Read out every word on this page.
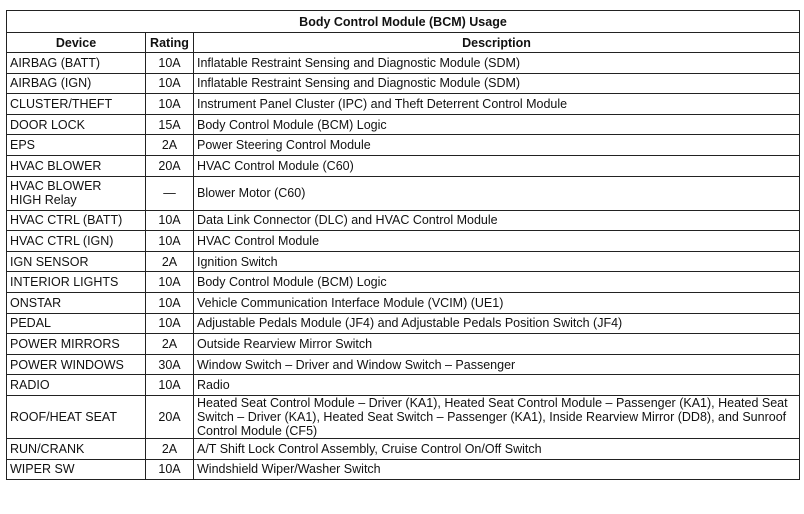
Body Control Module (BCM) Usage		
Device	Rating	Description
AIRBAG (BATT)	10A	Inflatable Restraint Sensing and Diagnostic Module (SDM)
AIRBAG (IGN)	10A	Inflatable Restraint Sensing and Diagnostic Module (SDM)
CLUSTER/THEFT	10A	Instrument Panel Cluster (IPC) and Theft Deterrent Control Module
DOOR LOCK	15A	Body Control Module (BCM) Logic
EPS	2A	Power Steering Control Module
HVAC BLOWER	20A	HVAC Control Module (C60)
HVAC BLOWER
HIGH Relay	—	Blower Motor (C60)
HVAC CTRL (BATT)	10A	Data Link Connector (DLC) and HVAC Control Module
HVAC CTRL (IGN)	10A	HVAC Control Module
IGN SENSOR	2A	Ignition Switch
INTERIOR LIGHTS	10A	Body Control Module (BCM) Logic
ONSTAR	10A	Vehicle Communication Interface Module (VCIM) (UE1)
PEDAL	10A	Adjustable Pedals Module (JF4) and Adjustable Pedals Position Switch (JF4)
POWER MIRRORS	2A	Outside Rearview Mirror Switch
POWER WINDOWS	30A	Window Switch – Driver and Window Switch – Passenger
RADIO	10A	Radio
ROOF/HEAT SEAT	20A	Heated Seat Control Module – Driver (KA1), Heated Seat Control Module – Passenger (KA1), Heated Seat Switch – Driver (KA1), Heated Seat Switch – Passenger (KA1), Inside Rearview Mirror (DD8), and Sunroof Control Module (CF5)
RUN/CRANK	2A	A/T Shift Lock Control Assembly, Cruise Control On/Off Switch
WIPER SW	10A	Windshield Wiper/Washer Switch
